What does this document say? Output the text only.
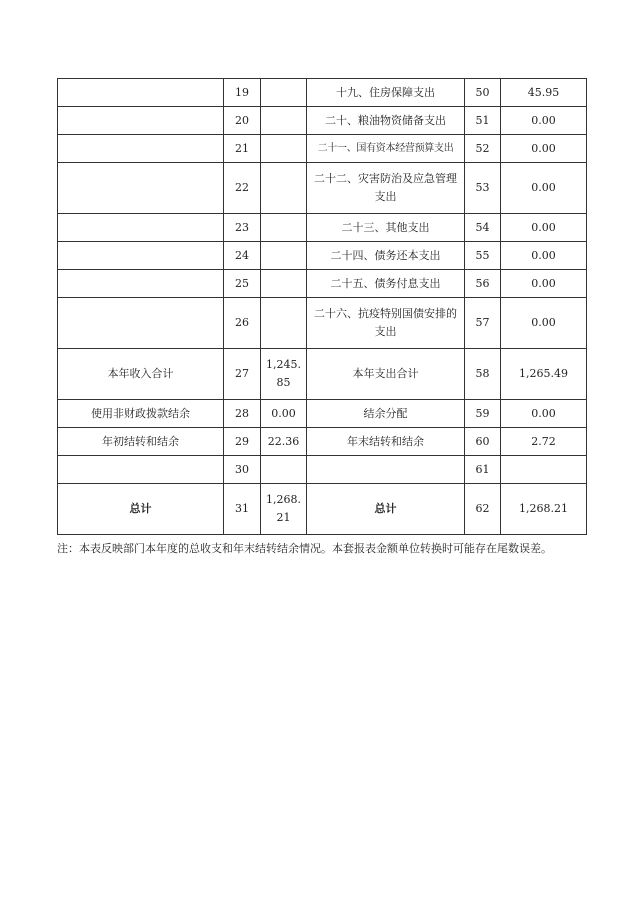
	19		十九、住房保障支出	50	45.95
	20		二十、粮油物资储备支出	51	0.00
	21		二十一、国有资本经营预算支出	52	0.00
	22		二十二、灾害防治及应急管理支出	53	0.00
	23		二十三、其他支出	54	0.00
	24		二十四、债务还本支出	55	0.00
	25		二十五、债务付息支出	56	0.00
	26		二十六、抗疫特别国债安排的支出	57	0.00
本年收入合计	27	1,245.85	本年支出合计	58	1,265.49
使用非财政拨款结余	28	0.00	结余分配	59	0.00
年初结转和结余	29	22.36	年末结转和结余	60	2.72
	30			61	
总计	31	1,268.21	总计	62	1,268.21
注：本表反映部门本年度的总收支和年末结转结余情况。本套报表金额单位转换时可能存在尾数误差。
